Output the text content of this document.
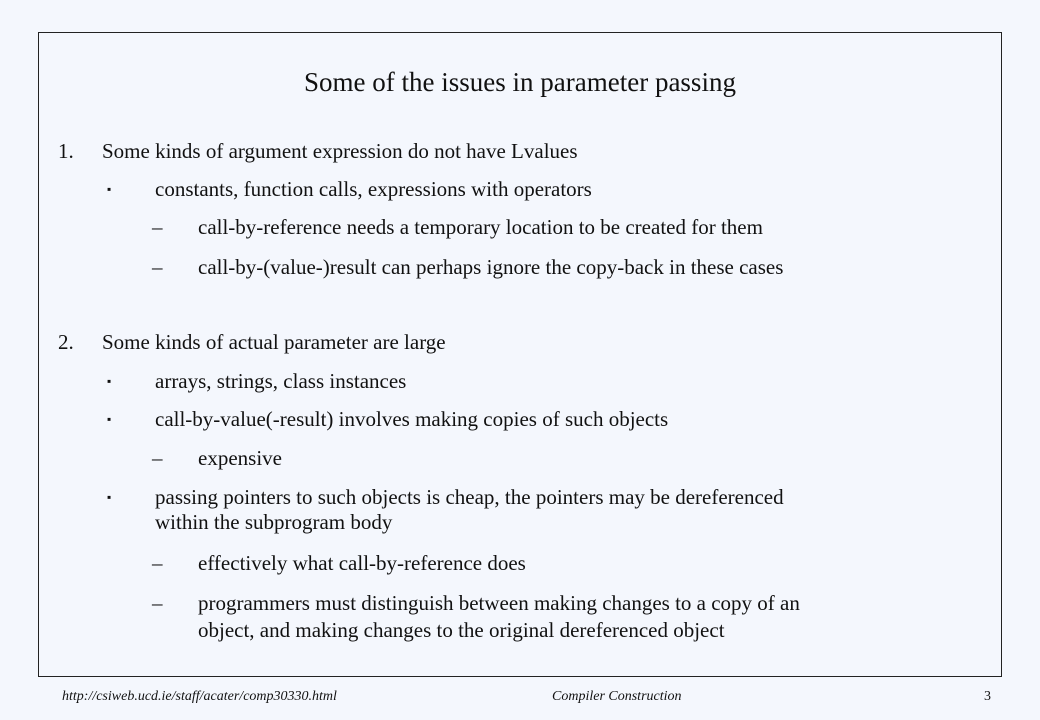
Some of the issues in parameter passing
1. Some kinds of argument expression do not have Lvalues
▪ constants, function calls, expressions with operators
– call-by-reference needs a temporary location to be created for them
– call-by-(value-)result can perhaps ignore the copy-back in these cases
2. Some kinds of actual parameter are large
▪ arrays, strings, class instances
▪ call-by-value(-result) involves making copies of such objects
– expensive
▪ passing pointers to such objects is cheap, the pointers may be dereferenced
within the subprogram body
– effectively what call-by-reference does
– programmers must distinguish between making changes to a copy of an
object, and making changes to the original dereferenced object
http://csiweb.ucd.ie/staff/acater/comp30330.html	Compiler Construction	3
